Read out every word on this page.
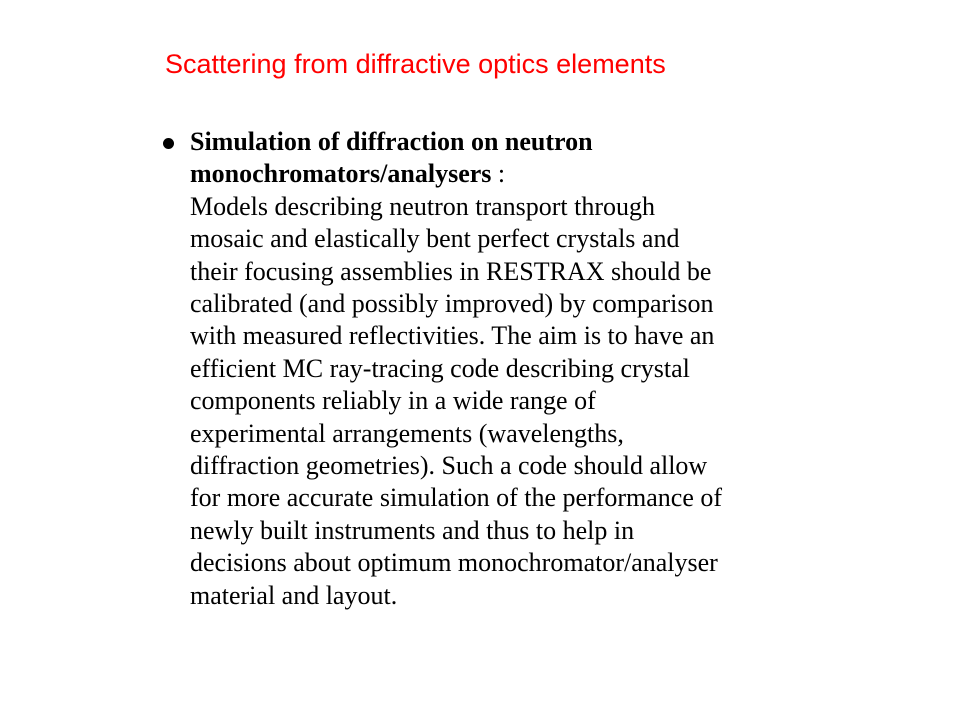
Scattering from diffractive optics elements
Simulation of diffraction on neutron
monochromators/analysers :
Models describing neutron transport through
mosaic and elastically bent perfect crystals and
their focusing assemblies in RESTRAX should be
calibrated (and possibly improved) by comparison
with measured reflectivities. The aim is to have an
efficient MC ray-tracing code describing crystal
components reliably in a wide range of
experimental arrangements (wavelengths,
diffraction geometries). Such a code should allow
for more accurate simulation of the performance of
newly built instruments and thus to help in
decisions about optimum monochromator/analyser
material and layout.
